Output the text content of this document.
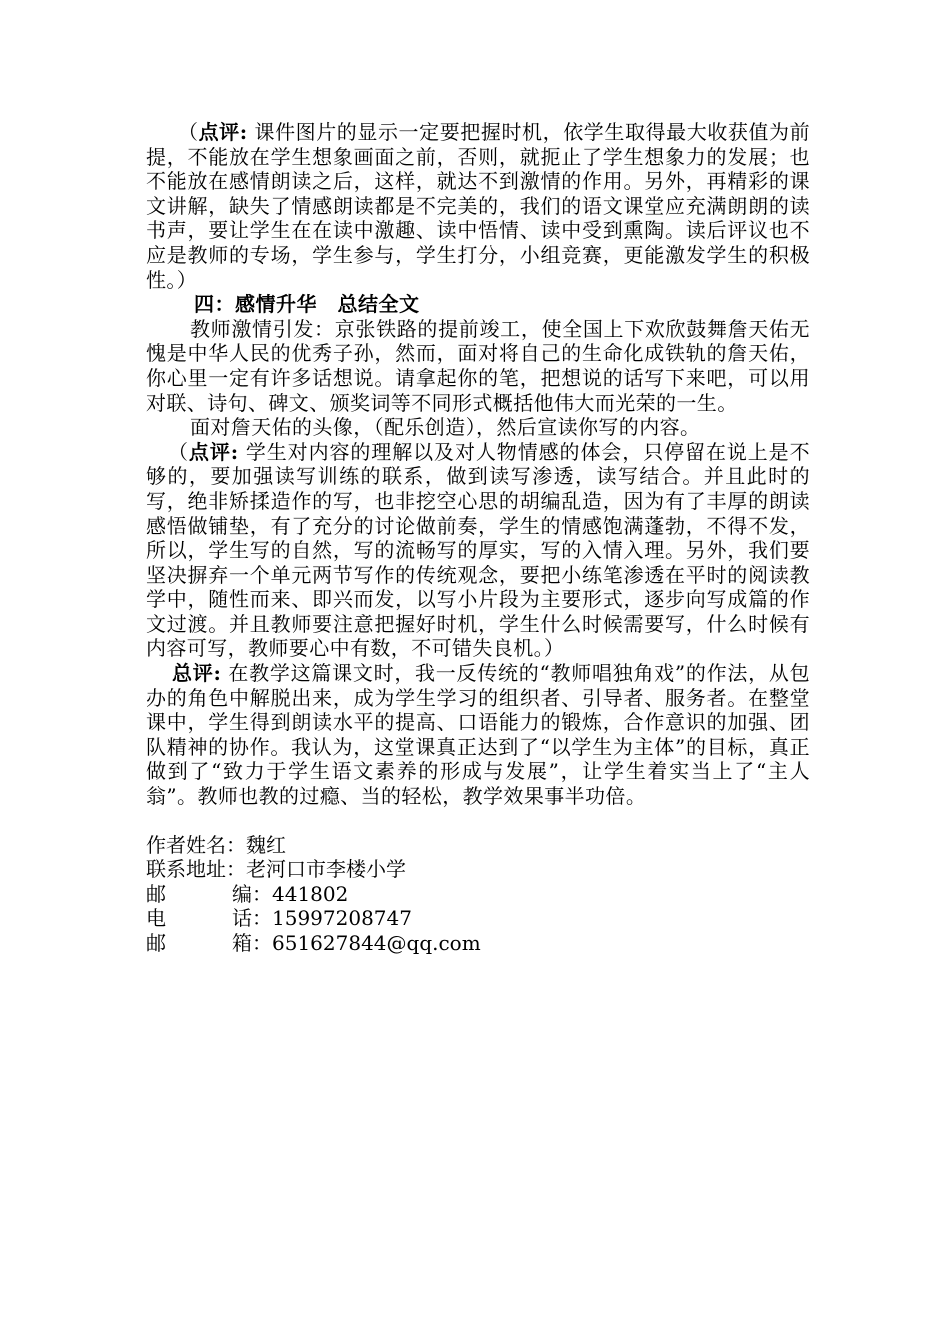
（点评: 课件图片的显示一定要把握时机，依学生取得最大收获值为前提，不能放在学生想象画面之前，否则，就扼止了学生想象力的发展；也不能放在感情朗读之后，这样，就达不到激情的作用。另外，再精彩的课文讲解，缺失了情感朗读都是不完美的，我们的语文课堂应充满朗朗的读书声，要让学生在在读中激趣、读中悟情、读中受到熏陶。读后评议也不应是教师的专场，学生参与，学生打分，小组竞赛，更能激发学生的积极性。）

四：感情升华　总结全文

教师激情引发：京张铁路的提前竣工，使全国上下欢欣鼓舞詹天佑无愧是中华人民的优秀子孙，然而，面对将自己的生命化成铁轨的詹天佑，你心里一定有许多话想说。请拿起你的笔，把想说的话写下来吧，可以用对联、诗句、碑文、颁奖词等不同形式概括他伟大而光荣的一生。

面对詹天佑的头像，（配乐创造），然后宣读你写的内容。

（点评: 学生对内容的理解以及对人物情感的体会，只停留在说上是不够的，要加强读写训练的联系，做到读写渗透，读写结合。并且此时的写，绝非矫揉造作的写，也非挖空心思的胡编乱造，因为有了丰厚的朗读感悟做铺垫，有了充分的讨论做前奏，学生的情感饱满蓬勃，不得不发，所以，学生写的自然，写的流畅写的厚实，写的入情入理。另外，我们要坚决摒弃一个单元两节写作的传统观念，要把小练笔渗透在平时的阅读教学中，随性而来、即兴而发，以写小片段为主要形式，逐步向写成篇的作文过渡。并且教师要注意把握好时机，学生什么时候需要写，什么时候有内容可写，教师要心中有数，不可错失良机。）

总评: 在教学这篇课文时，我一反传统的“教师唱独角戏”的作法，从包办的角色中解脱出来，成为学生学习的组织者、引导者、服务者。在整堂课中，学生得到朗读水平的提高、口语能力的锻炼，合作意识的加强、团队精神的协作。我认为，这堂课真正达到了“以学生为主体”的目标，真正做到了“致力于学生语文素养的形成与发展”，让学生着实当上了“主人翁”。教师也教的过瘾、当的轻松，教学效果事半功倍。

作者姓名：魏红

联系地址：老河口市李楼小学

邮　　	编：441802

电　　	话：15997208747

邮　　	箱：651627844@qq.com
